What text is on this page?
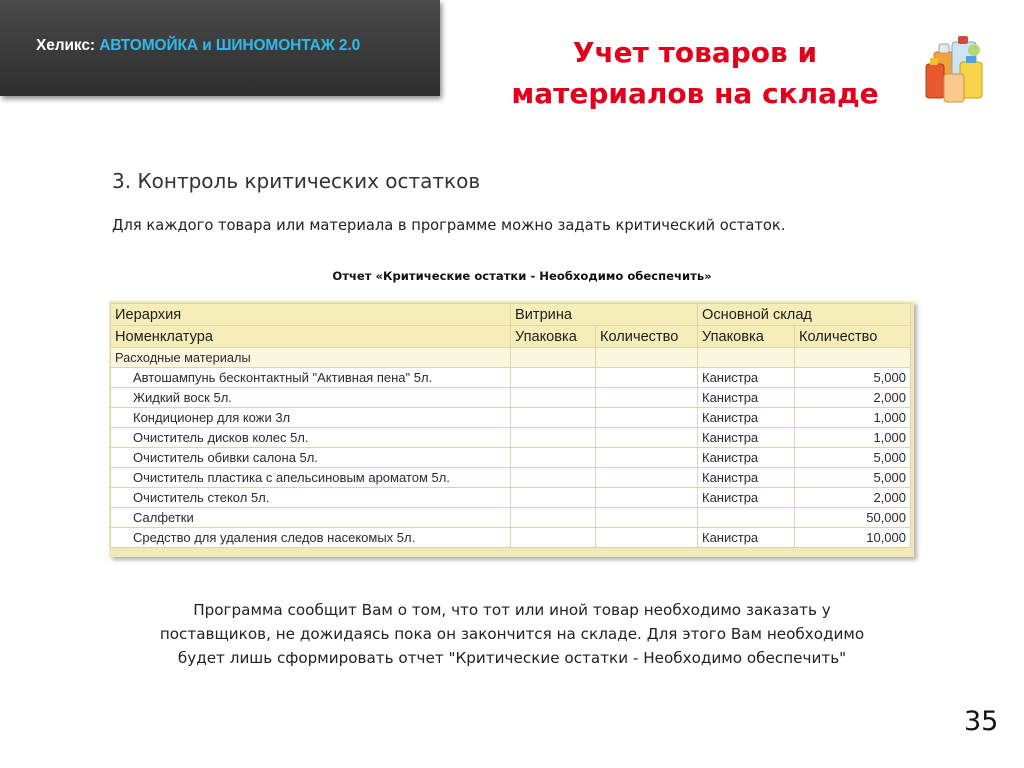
Хеликс: АВТОМОЙКА и ШИНОМОНТАЖ 2.0	Учет товаров и
материалов на складе
3. Контроль критических остатков
Для каждого товара или материала в программе можно задать критический остаток.
Отчет «Критические остатки - Необходимо обеспечить»
Иерархия	Витрина		Основной склад	
Номенклатура	Упаковка	Количество	Упаковка	Количество
Расходные материалы				
Автошампунь бесконтактный "Активная пена" 5л.			Канистра	5,000
Жидкий воск 5л.			Канистра	2,000
Кондиционер для кожи 3л			Канистра	1,000
Очиститель дисков колес 5л.			Канистра	1,000
Очиститель обивки салона 5л.			Канистра	5,000
Очиститель пластика с апельсиновым ароматом 5л.			Канистра	5,000
Очиститель стекол 5л.			Канистра	2,000
Салфетки				50,000
Средство для удаления следов насекомых 5л.			Канистра	10,000
Программа сообщит Вам о том, что тот или иной товар необходимо заказать у
поставщиков, не дожидаясь пока он закончится на складе. Для этого Вам необходимо
будет лишь сформировать отчет "Критические остатки - Необходимо обеспечить"
35
